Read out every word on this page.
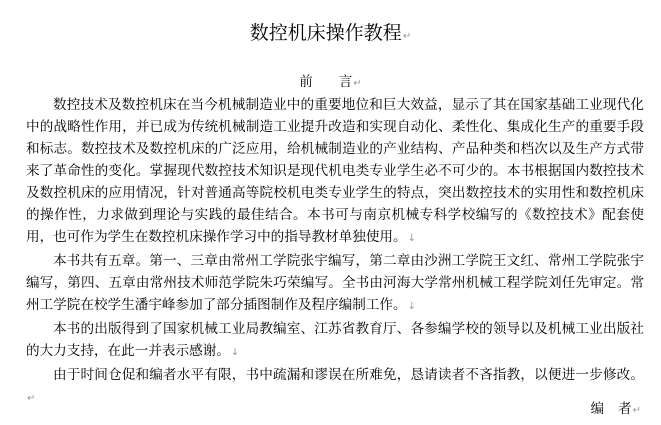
数控机床操作教程↵
前 言↵

数控技术及数控机床在当今机械制造业中的重要地位和巨大效益，显示了其在国家基础工业现代化中的战略性作用，并已成为传统机械制造工业提升改造和实现自动化、柔性化、集成化生产的重要手段和标志。数控技术及数控机床的广泛应用，给机械制造业的产业结构、产品种类和档次以及生产方式带来了革命性的变化。掌握现代数控技术知识是现代机电类专业学生必不可少的。本书根据国内数控技术及数控机床的应用情况，针对普通高等院校机电类专业学生的特点，突出数控技术的实用性和数控机床的操作性，力求做到理论与实践的最佳结合。本书可与南京机械专科学校编写的《数控技术》配套使用，也可作为学生在数控机床操作学习中的指导教材单独使用。↓

本书共有五章。第一、三章由常州工学院张宇编写，第二章由沙洲工学院王文红、常州工学院张宇编写，第四、五章由常州技术师范学院朱巧荣编写。全书由河海大学常州机械工程学院刘任先审定。常州工学院在校学生潘宇峰参加了部分插图制作及程序编制工作。↓

本书的出版得到了国家机械工业局教编室、江苏省教育厅、各参编学校的领导以及机械工业出版社的大力支持，在此一并表示感谢。↓

由于时间仓促和编者水平有限，书中疏漏和谬误在所难免，恳请读者不吝指教，以便进一步修改。↵

编 者↵
